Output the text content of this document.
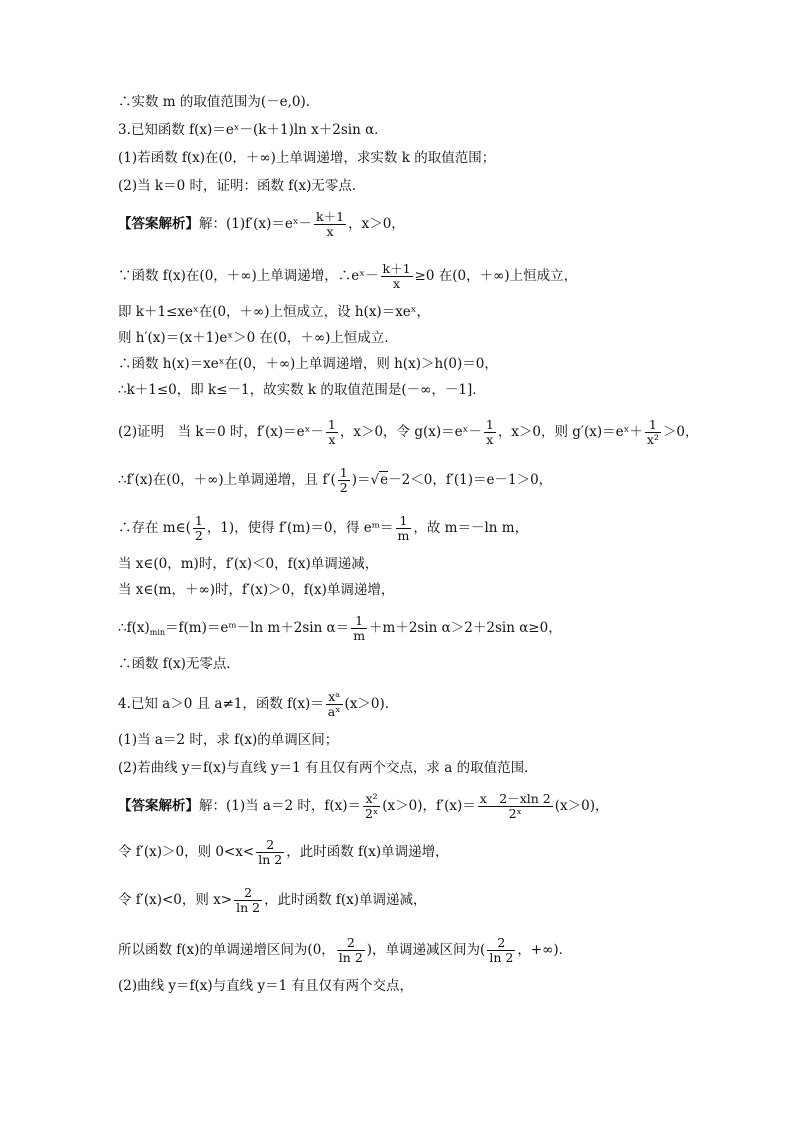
∴实数 m 的取值范围为(－e,0)．
3.已知函数 f(x)＝eˣ－(k＋1)ln x＋2sin α．
(1)若函数 f(x)在(0，＋∞)上单调递增，求实数 k 的取值范围；
(2)当 k＝0 时，证明：函数 f(x)无零点．
【答案解析】解：(1)f′(x)＝eˣ－ $\frac{k+1}{x}$ ，x＞0，
∵函数 f(x)在(0，＋∞)上单调递增，∴eˣ－ $\frac{k+1}{x} \ge 0$ 在(0，＋∞)上恒成立，
即 k＋1≤xeˣ在(0，＋∞)上恒成立，设 h(x)＝xeˣ，
则 h′(x)＝(x＋1)eˣ＞0 在(0，＋∞)上恒成立．
∴函数 h(x)＝xeˣ在(0，＋∞)上单调递增，则 h(x)＞h(0)＝0，
∴k＋1≤0，即 k≤－1，故实数 k 的取值范围是(－∞，－1]．
(2)证明　当 k＝0 时，f′(x)＝eˣ－ $\frac{1}{x}$ ，x＞0，令 g(x)＝eˣ－ $\frac{1}{x}$ ，x＞0，则 g′(x)＝eˣ＋ $\frac{1}{\text{x²}} >0$，
∴f′(x)在(0，＋∞)上单调递增，且 $f'( \frac{1}{2} )=√e-2<0$，f′(1)＝e－1＞0，
∴存在 m∈( $\frac{1}{2}$ ，1)，使得 f′(m)＝0，得 eᵐ＝ $\frac{1}{m}$ ，故 m＝－ln m，
当 x∈(0，m)时，f′(x)＜0，f(x)单调递减，
当 x∈(m，＋∞)时，f′(x)＞0，f(x)单调递增，
$\therefore f(x)_{min}=f(m)=eᵐ-\ln$ m＋2sin $\alpha= \frac{1}{m} +m+2\sin$ α＞2＋2sin α≥0，
∴函数 f(x)无零点．
4.已知 a＞0 且 a≠1，函数 $f(x)= \frac{\text{xᵃ}}{\text{aˣ}} (x>0)$．
(1)当 a＝2 时，求 f(x)的单调区间；
(2)若曲线 y＝f(x)与直线 y＝1 有且仅有两个交点，求 a 的取值范围．
【答案解析】解：(1)当 a＝2 时，$f(x)= \frac{\text{x²}}{\text{2ˣ}} (x>0)$，$f'(x)= \frac{x 2-xln 2}{\text{2ˣ}} (x>0)$，
令 f′(x)＞0，则 $0<x< \frac{2}{\ln 2}$ ，此时函数 f(x)单调递增，
令 f′(x)<0，则 $x> \frac{2}{\ln 2}$ ，此时函数 f(x)单调递减，
所以函数 f(x)的单调递增区间为(0， $\frac{2}{\ln 2}$ )，单调递减区间为( $\frac{2}{\ln 2}$ ，+∞)．
(2)曲线 y＝f(x)与直线 y＝1 有且仅有两个交点，
